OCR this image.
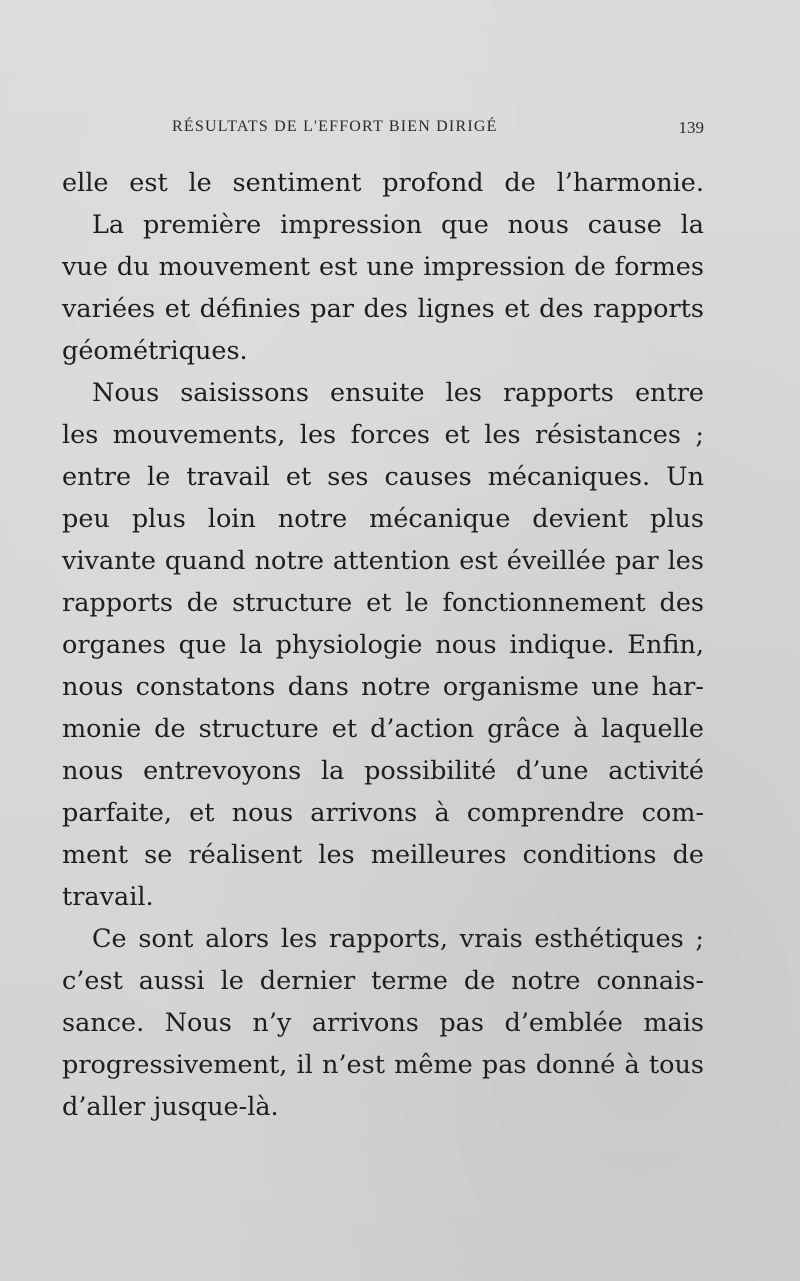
RÉSULTATS DE L'EFFORT BIEN DIRIGÉ	139
elle est le sentiment profond de l’harmonie.
La première impression que nous cause la
vue du mouvement est une impression de formes
variées et définies par des lignes et des rapports
géométriques.
Nous saisissons ensuite les rapports entre
les mouvements, les forces et les résistances ;
entre le travail et ses causes mécaniques. Un
peu plus loin notre mécanique devient plus
vivante quand notre attention est éveillée par les
rapports de structure et le fonctionnement des
organes que la physiologie nous indique. Enfin,
nous constatons dans notre organisme une har-
monie de structure et d’action grâce à laquelle
nous entrevoyons la possibilité d’une activité
parfaite, et nous arrivons à comprendre com-
ment se réalisent les meilleures conditions de
travail.
Ce sont alors les rapports, vrais esthétiques ;
c’est aussi le dernier terme de notre connais-
sance. Nous n’y arrivons pas d’emblée mais
progressivement, il n’est même pas donné à tous
d’aller jusque-là.
